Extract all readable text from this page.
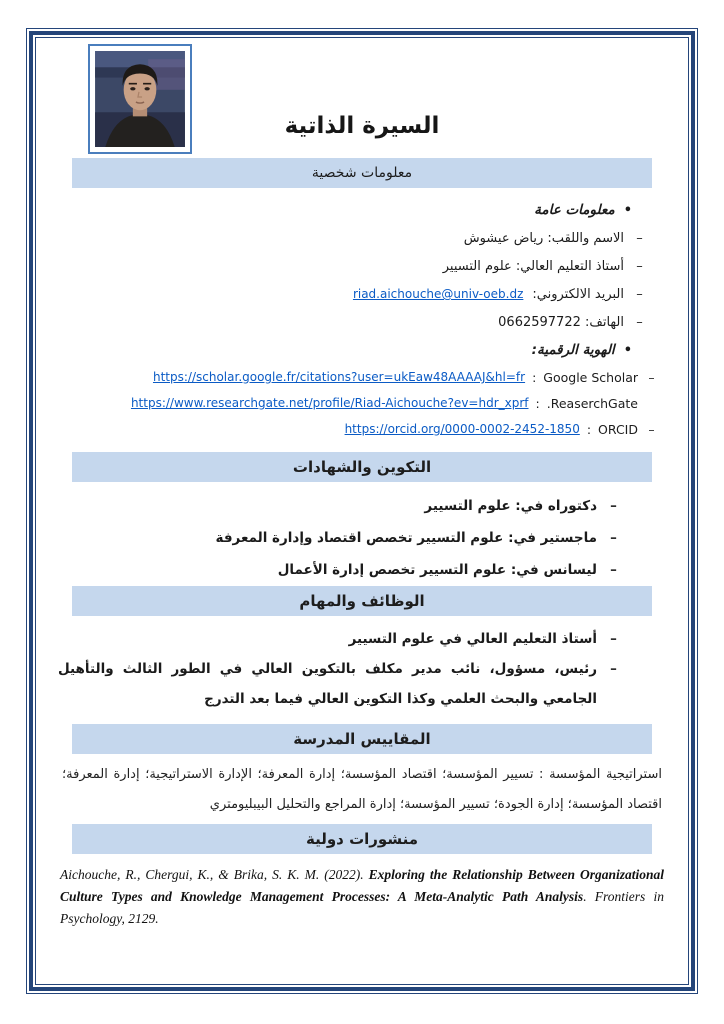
السيرة الذاتية
معلومات شخصية
•
معلومات عامة
–
الاسم واللقب: رياض عيشوش
–
أستاذ التعليم العالي: علوم التسيير
–
البريد الالكتروني:
riad.aichouche@univ-oeb.dz
–
الهاتف: 0662597722
•
الهوية الرقمية:
–
Google Scholar
:
https://scholar.google.fr/citations?user=ukEaw48AAAAJ&hl=fr
ReaserchGate.
:
https://www.researchgate.net/profile/Riad-Aichouche?ev=hdr_xprf
–
ORCID
:
https://orcid.org/0000-0002-2452-1850
التكوين والشهادات
–
دكتوراه في: علوم التسيير
–
ماجستير في: علوم التسيير تخصص اقتصاد وإدارة المعرفة
–
ليسانس في: علوم التسيير تخصص إدارة الأعمال
الوظائف والمهام
–
أستاذ التعليم العالي في علوم التسيير
–
رئيس، مسؤول، نائب مدير مكلف بالتكوين العالي في الطور الثالث والتأهيل الجامعي والبحث العلمي وكذا التكوين العالي فيما بعد التدرج
المقاييس المدرسة

استراتيجية المؤسسة : تسيير المؤسسة؛ اقتصاد المؤسسة؛ إدارة المعرفة؛ الإدارة الاستراتيجية؛ إدارة المعرفة؛ اقتصاد المؤسسة؛ إدارة الجودة؛ تسيير المؤسسة؛ إدارة المراجع والتحليل البيبليومتري

منشورات دولية

Aichouche, R., Chergui, K., & Brika, S. K. M. (2022). Exploring the Relationship Between Organizational Culture Types and Knowledge Management Processes: A Meta-Analytic Path Analysis. Frontiers in Psychology, 2129.
